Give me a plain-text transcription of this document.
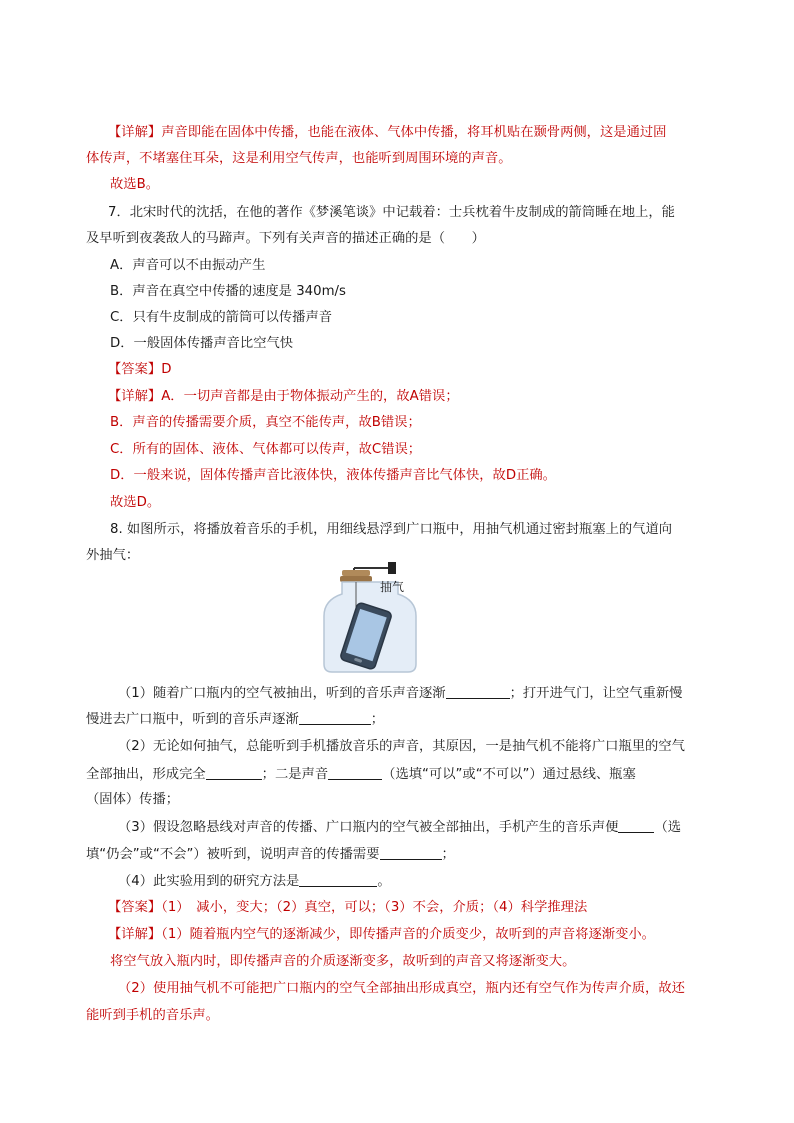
【详解】声音即能在固体中传播，也能在液体、气体中传播，将耳机贴在颞骨两侧，这是通过固
体传声，不堵塞住耳朵，这是利用空气传声，也能听到周围环境的声音。
故选B。
7．北宋时代的沈括，在他的著作《梦溪笔谈》中记载着：士兵枕着牛皮制成的箭筒睡在地上，能
及早听到夜袭敌人的马蹄声。下列有关声音的描述正确的是（　　）
A．声音可以不由振动产生
B．声音在真空中传播的速度是 340m/s
C．只有牛皮制成的箭筒可以传播声音
D．一般固体传播声音比空气快
【答案】D
【详解】A．一切声音都是由于物体振动产生的，故A错误；
B．声音的传播需要介质，真空不能传声，故B错误；
C．所有的固体、液体、气体都可以传声，故C错误；
D．一般来说，固体传播声音比液体快，液体传播声音比气体快，故D正确。
故选D。
8. 如图所示，将播放着音乐的手机，用细线悬浮到广口瓶中，用抽气机通过密封瓶塞上的气道向
外抽气：
抽气
（1）随着广口瓶内的空气被抽出，听到的音乐声音逐渐	；打开进气门，让空气重新慢
慢进去广口瓶中，听到的音乐声逐渐	；
（2）无论如何抽气，总能听到手机播放音乐的声音，其原因，一是抽气机不能将广口瓶里的空气
全部抽出，形成完全	；二是声音	（选填“可以”或“不可以”）通过悬线、瓶塞
（固体）传播；
（3）假设忽略悬线对声音的传播、广口瓶内的空气被全部抽出，手机产生的音乐声便	（选
填“仍会”或“不会”）被听到，说明声音的传播需要	；
（4）此实验用到的研究方法是	。
【答案】（1）　减小，变大；（2）真空，可以；（3）不会，介质；（4）科学推理法
【详解】（1）随着瓶内空气的逐渐减少，即传播声音的介质变少，故听到的声音将逐渐变小。
将空气放入瓶内时，即传播声音的介质逐渐变多，故听到的声音又将逐渐变大。
（2）使用抽气机不可能把广口瓶内的空气全部抽出形成真空，瓶内还有空气作为传声介质，故还
能听到手机的音乐声。
